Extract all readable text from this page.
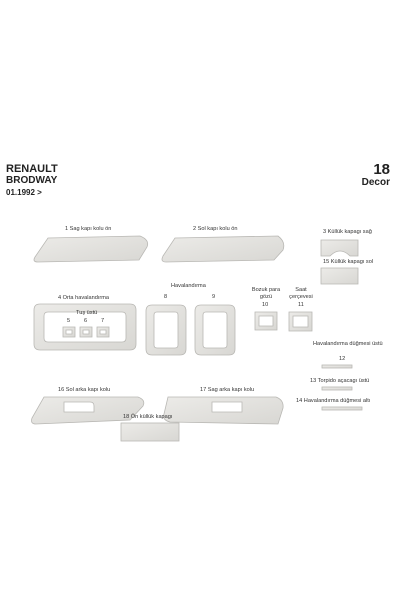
RENAULT
BRODWAY
01.1992 >
18
Decor
1 Sag kapı kolu ön	2 Sol kapı kolu ön	3 Küllük kapagı sağ
15 Küllük kapagı sol
4 Orta havalandırma
Tuş üstü
5 6 7
Havalandırma
8	9
Bozuk para gözü
10
Saat çerçevesi
11
Havalandırma düğmesi üstü
12
13 Torpido açacagı üstü
14 Havalandırma düğmesi altı
16 Sol arka kapı kolu	17 Sag arka kapı kolu
18 Ön küllük kapagı
